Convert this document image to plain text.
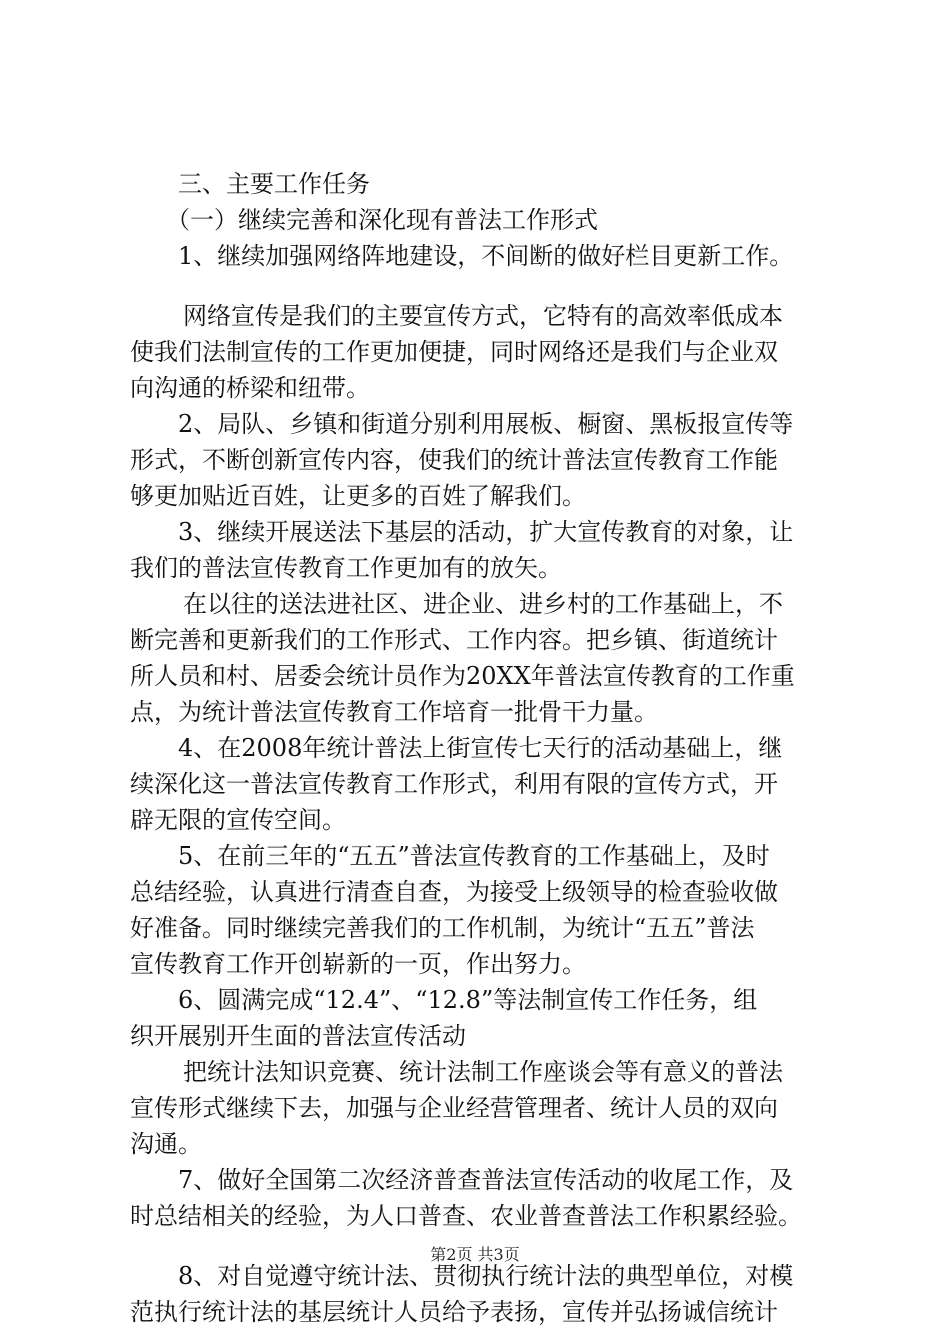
三、主要工作任务
（一）继续完善和深化现有普法工作形式
1、继续加强网络阵地建设，不间断的做好栏目更新工作。
网络宣传是我们的主要宣传方式，它特有的高效率低成本
使我们法制宣传的工作更加便捷，同时网络还是我们与企业双
向沟通的桥梁和纽带。
2、局队、乡镇和街道分别利用展板、橱窗、黑板报宣传等
形式，不断创新宣传内容，使我们的统计普法宣传教育工作能
够更加贴近百姓，让更多的百姓了解我们。
3、继续开展送法下基层的活动，扩大宣传教育的对象，让
我们的普法宣传教育工作更加有的放矢。
在以往的送法进社区、进企业、进乡村的工作基础上，不
断完善和更新我们的工作形式、工作内容。把乡镇、街道统计
所人员和村、居委会统计员作为20XX年普法宣传教育的工作重
点，为统计普法宣传教育工作培育一批骨干力量。
4、在2008年统计普法上街宣传七天行的活动基础上，继
续深化这一普法宣传教育工作形式，利用有限的宣传方式，开
辟无限的宣传空间。
5、在前三年的“五五”普法宣传教育的工作基础上，及时
总结经验，认真进行清查自查，为接受上级领导的检查验收做
好准备。同时继续完善我们的工作机制，为统计“五五”普法
宣传教育工作开创崭新的一页，作出努力。
6、圆满完成“12.4”、“12.8”等法制宣传工作任务，组
织开展别开生面的普法宣传活动
把统计法知识竞赛、统计法制工作座谈会等有意义的普法
宣传形式继续下去，加强与企业经营管理者、统计人员的双向
沟通。
7、做好全国第二次经济普查普法宣传活动的收尾工作，及
时总结相关的经验，为人口普查、农业普查普法工作积累经验。
8、对自觉遵守统计法、贯彻执行统计法的典型单位，对模
范执行统计法的基层统计人员给予表扬，宣传并弘扬诚信统计
第2页 共3页
